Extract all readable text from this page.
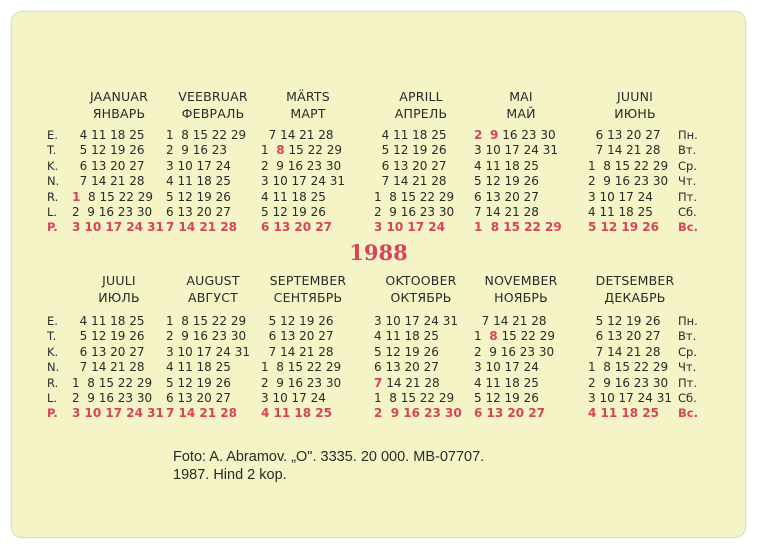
1988
E.
T.
K.
N.
R.
L.
P.
E.
T.
K.
N.
R.
L.
P.
Пн.
Вт.
Ср.
Чт.
Пт.
Сб.
Вс.
Пн.
Вт.
Ср.
Чт.
Пт.
Сб.
Вс.
JAANUAR
ЯНВАРЬ
4 11 18 25
5 12 19 26
6 13 20 27
7 14 21 28
1 8 15 22 29
2  9 16 23 30
3 10 17 24 31
VEEBRUAR
ФЕВРАЛЬ
1  8 15 22 29
2  9 16 23
3 10 17 24
4 11 18 25
5 12 19 26
6 13 20 27
7 14 21 28
MÄRTS
МАРТ
7 14 21 28
1 8 15 22 29
2  9 16 23 30
3 10 17 24 31
4 11 18 25
5 12 19 26
6 13 20 27
APRILL
АПРЕЛЬ
4 11 18 25
5 12 19 26
6 13 20 27
7 14 21 28
1  8 15 22 29
2  9 16 23 30
3 10 17 24
MAI
МАЙ
2 9 16 23 30
3 10 17 24 31
4 11 18 25
5 12 19 26
6 13 20 27
7 14 21 28
1  8 15 22 29
JUUNI
ИЮНЬ
6 13 20 27
7 14 21 28
1  8 15 22 29
2  9 16 23 30
3 10 17 24
4 11 18 25
5 12 19 26
JUULI
ИЮЛЬ
4 11 18 25
5 12 19 26
6 13 20 27
7 14 21 28
1  8 15 22 29
2  9 16 23 30
3 10 17 24 31
AUGUST
АВГУСТ
1  8 15 22 29
2  9 16 23 30
3 10 17 24 31
4 11 18 25
5 12 19 26
6 13 20 27
7 14 21 28
SEPTEMBER
СЕНТЯБРЬ
5 12 19 26
6 13 20 27
7 14 21 28
1  8 15 22 29
2  9 16 23 30
3 10 17 24
4 11 18 25
OKTOOBER
ОКТЯБРЬ
3 10 17 24 31
4 11 18 25
5 12 19 26
6 13 20 27
7 14 21 28
1  8 15 22 29
2  9 16 23 30
NOVEMBER
НОЯБРЬ
7 14 21 28
1 8 15 22 29
2  9 16 23 30
3 10 17 24
4 11 18 25
5 12 19 26
6 13 20 27
DETSEMBER
ДЕКАБРЬ
5 12 19 26
6 13 20 27
7 14 21 28
1  8 15 22 29
2  9 16 23 30
3 10 17 24 31
4 11 18 25
Foto: A. Abramov. „O". 3335. 20 000. MB-07707.
1987. Hind 2 kop.
